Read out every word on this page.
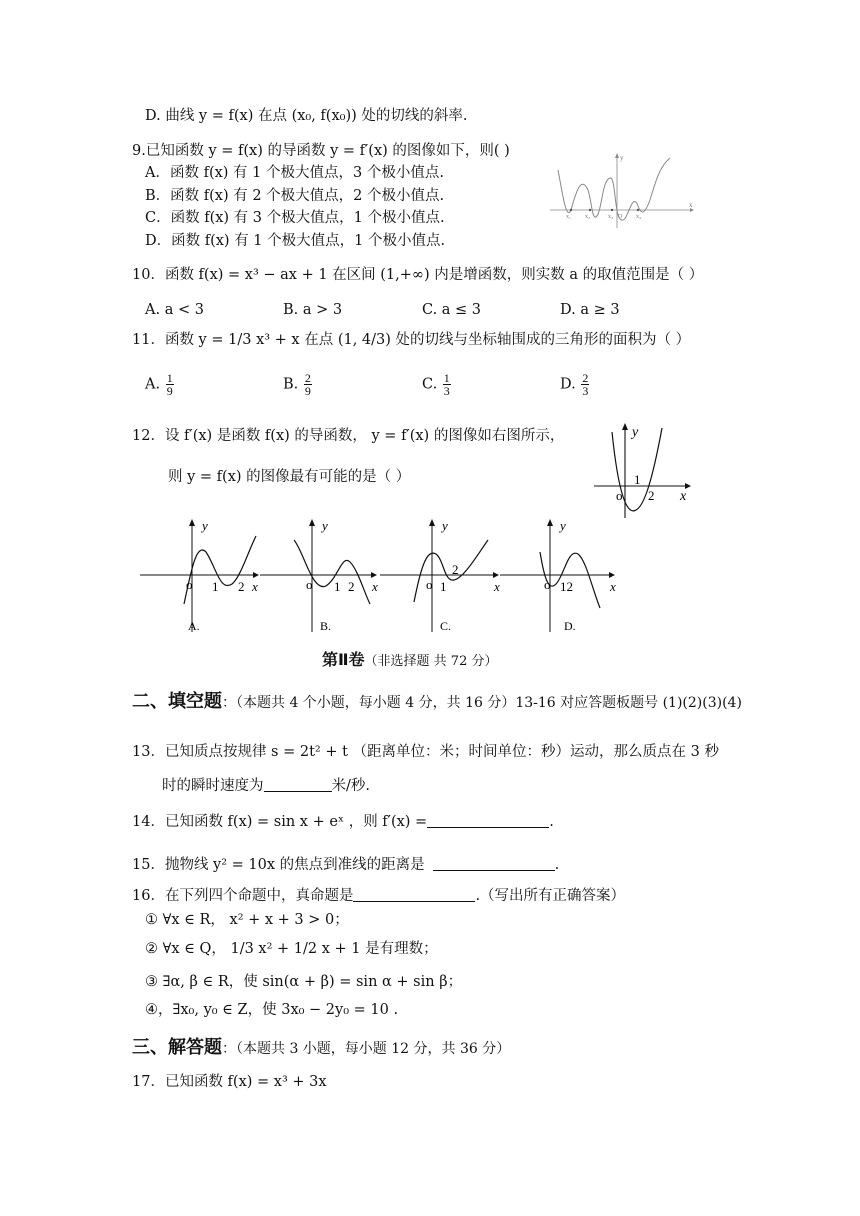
D. 曲线 y = f(x) 在点 (x₀, f(x₀)) 处的切线的斜率.
9.已知函数 y = f(x) 的导函数 y = f′(x) 的图像如下，则( )
A．函数 f(x) 有 1 个极大值点，3 个极小值点.
B．函数 f(x) 有 2 个极大值点，2 个极小值点.
C．函数 f(x) 有 3 个极大值点，1 个极小值点.
D．函数 f(x) 有 1 个极大值点，1 个极小值点.
y
x
x₁ x₂	x₃ O x₄
10．函数 f(x) = x³ − ax + 1 在区间 (1,+∞) 内是增函数，则实数 a 的取值范围是（ ）
A. a < 3	B. a > 3	C. a ≤ 3	D. a ≥ 3
11．函数 y = 1/3 x³ + x 在点 (1, 4/3) 处的切线与坐标轴围成的三角形的面积为（ ）
A. $\frac{1}{9}$	B. $\frac{2}{9}$	C. $\frac{1}{3}$	D. $\frac{2}{3}$
12．设 f′(x) 是函数 f(x) 的导函数， y = f′(x) 的图像如右图所示，
则 y = f(x) 的图像最有可能的是（ ）
y
x
o
1
2
y
o 1 2 x
A.
y
o 1 2 x
B.
y
o 1
2
x
C.
y
o 12	x
D.
第Ⅱ卷（非选择题 共 72 分）
二、填空题：（本题共 4 个小题，每小题 4 分，共 16 分）13-16 对应答题板题号 (1)(2)(3)(4)
13．已知质点按规律 s = 2t² + t （距离单位：米；时间单位：秒）运动，那么质点在 3 秒
时的瞬时速度为	米/秒.
14．已知函数 f(x) = sin x + eˣ ，则 f′(x) =	.
15．抛物线 y² = 10x 的焦点到准线的距离是	.
16．在下列四个命题中，真命题是	.（写出所有正确答案）
① ∀x ∈ R， x² + x + 3 > 0；
② ∀x ∈ Q， 1/3 x² + 1/2 x + 1 是有理数；
③ ∃α, β ∈ R，使 sin(α + β) = sin α + sin β；
④，∃x₀, y₀ ∈ Z，使 3x₀ − 2y₀ = 10 .
三、解答题：（本题共 3 小题，每小题 12 分，共 36 分）
17．已知函数 f(x) = x³ + 3x
